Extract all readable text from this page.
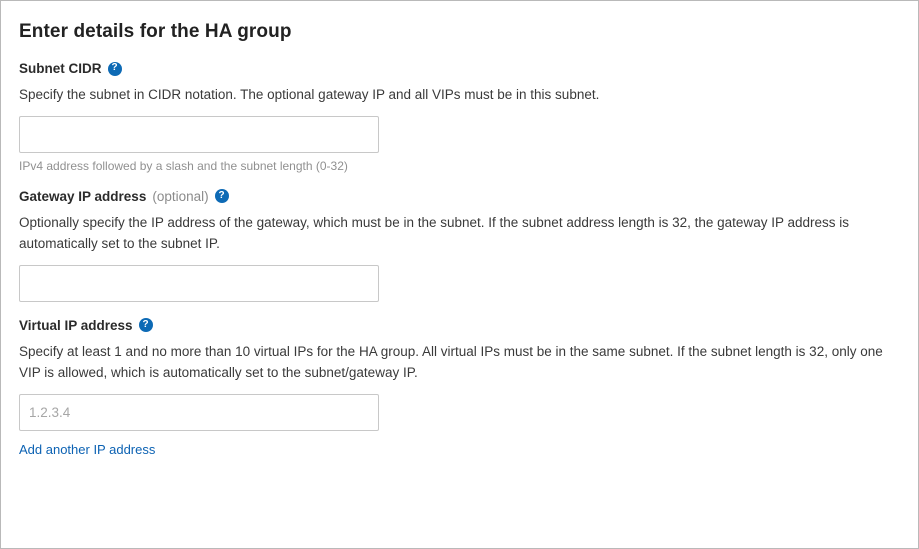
Enter details for the HA group
Subnet CIDR ?

Specify the subnet in CIDR notation. The optional gateway IP and all VIPs must be in this subnet.

IPv4 address followed by a slash and the subnet length (0-32)
Gateway IP address (optional) ?

Optionally specify the IP address of the gateway, which must be in the subnet. If the subnet address length is 32, the gateway IP address is automatically set to the subnet IP.

Virtual IP address ?

Specify at least 1 and no more than 10 virtual IPs for the HA group. All virtual IPs must be in the same subnet. If the subnet length is 32, only one VIP is allowed, which is automatically set to the subnet/gateway IP.

1.2.3.4 Add another IP address
